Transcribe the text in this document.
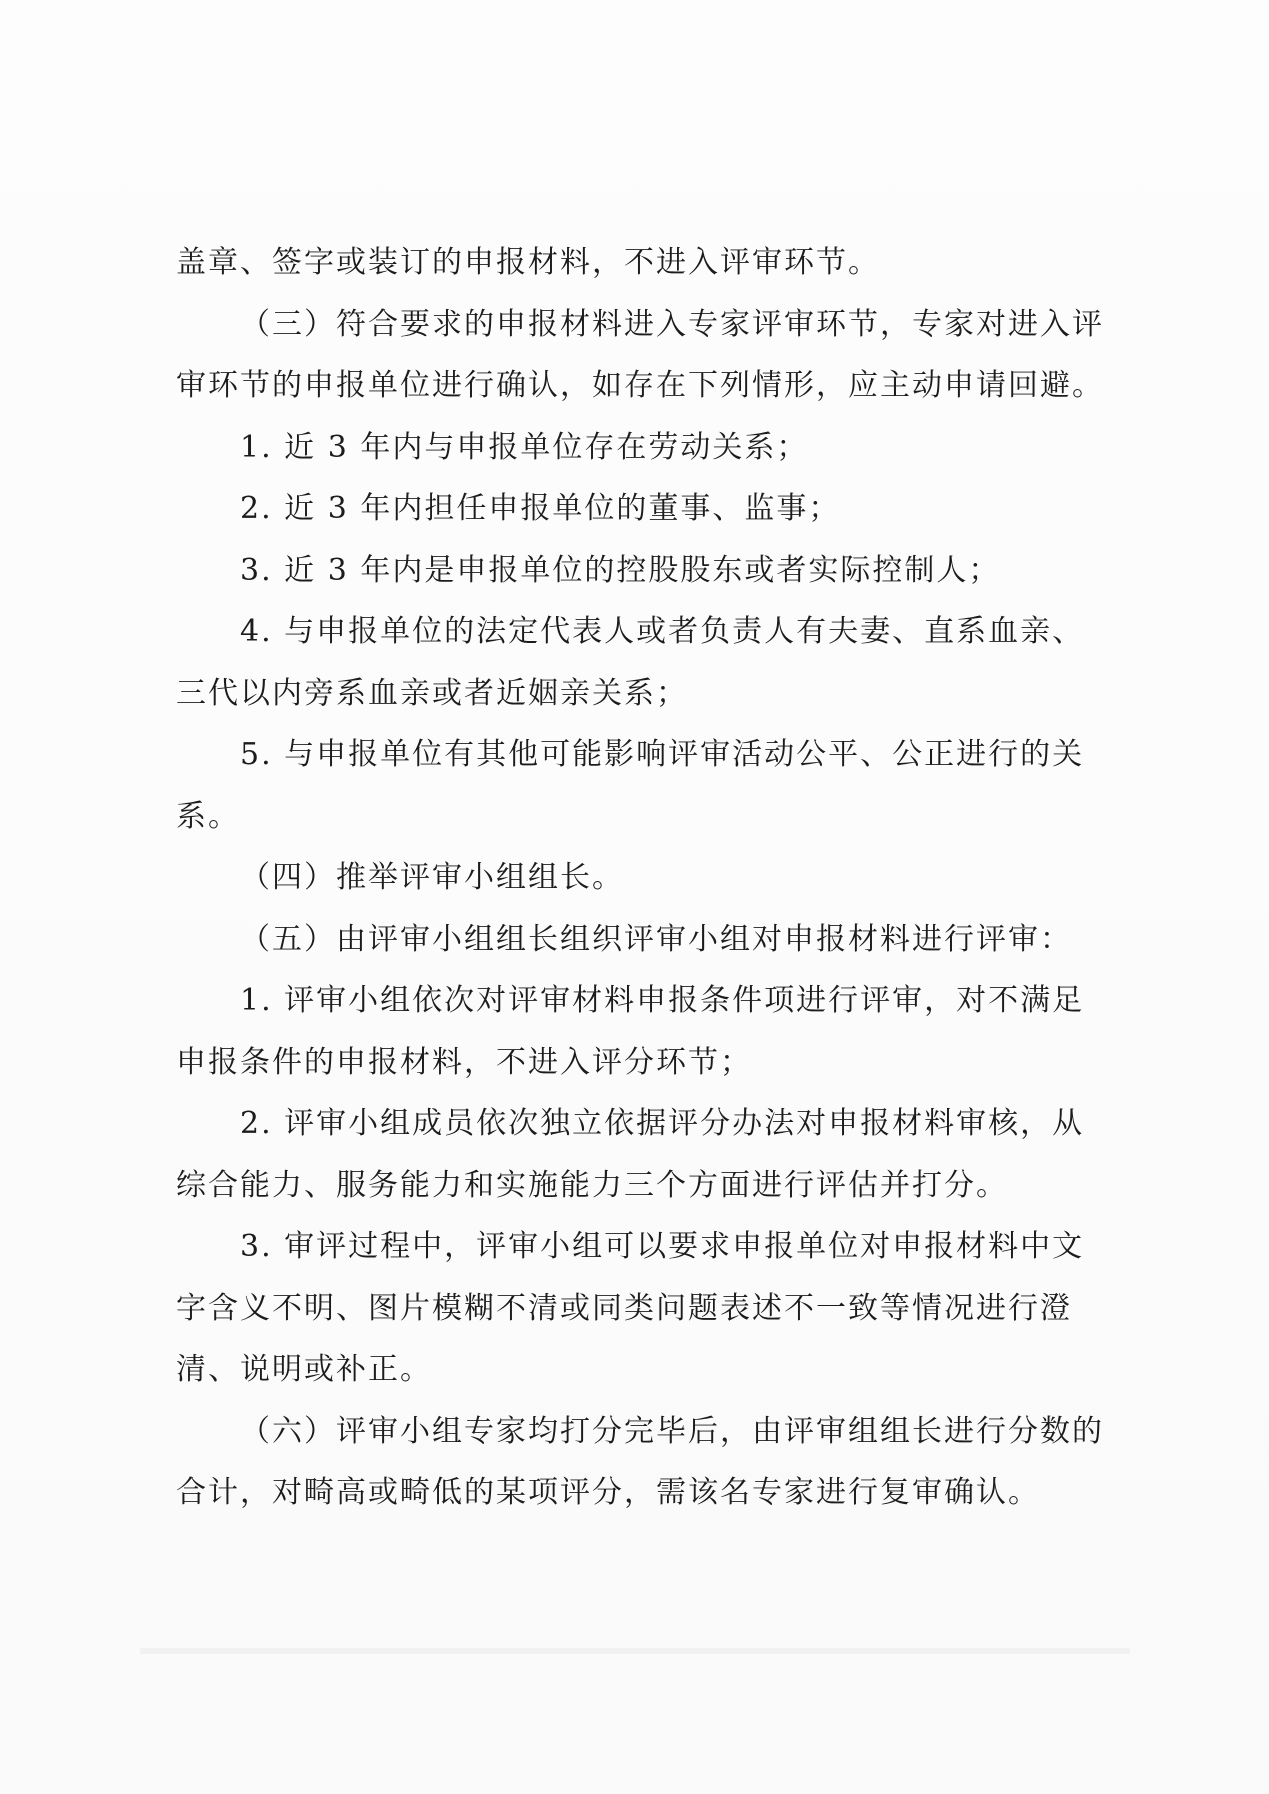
盖章、签字或装订的申报材料，不进入评审环节。

（三）符合要求的申报材料进入专家评审环节，专家对进入评审环节的申报单位进行确认，如存在下列情形，应主动申请回避。

1. 近 3 年内与申报单位存在劳动关系；

2. 近 3 年内担任申报单位的董事、监事；

3. 近 3 年内是申报单位的控股股东或者实际控制人；

4. 与申报单位的法定代表人或者负责人有夫妻、直系血亲、三代以内旁系血亲或者近姻亲关系；

5. 与申报单位有其他可能影响评审活动公平、公正进行的关系。

（四）推举评审小组组长。

（五）由评审小组组长组织评审小组对申报材料进行评审：

1. 评审小组依次对评审材料申报条件项进行评审，对不满足申报条件的申报材料，不进入评分环节；

2. 评审小组成员依次独立依据评分办法对申报材料审核，从综合能力、服务能力和实施能力三个方面进行评估并打分。

3. 审评过程中，评审小组可以要求申报单位对申报材料中文字含义不明、图片模糊不清或同类问题表述不一致等情况进行澄清、说明或补正。

（六）评审小组专家均打分完毕后，由评审组组长进行分数的合计，对畸高或畸低的某项评分，需该名专家进行复审确认。
